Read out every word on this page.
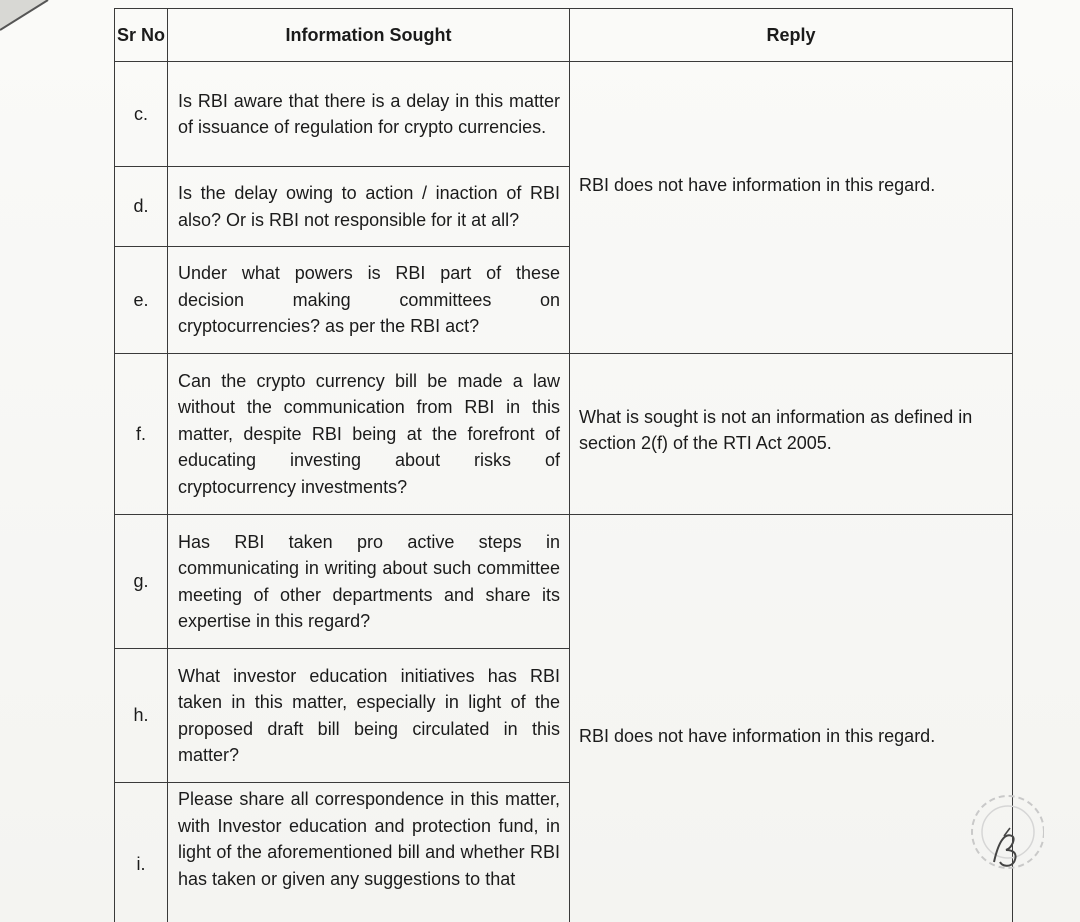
Sr No	Information Sought	Reply
c.	Is RBI aware that there is a delay in this matter of issuance of regulation for crypto currencies.	RBI does not have information in this regard.

d.	Is the delay owing to action / inaction of RBI also? Or is RBI not responsible for it at all?	
e.	Under what powers is RBI part of these decision making committees on cryptocurrencies? as per the RBI act?	
f.	Can the crypto currency bill be made a law without the communication from RBI in this matter, despite RBI being at the forefront of educating investing about risks of cryptocurrency investments?	What is sought is not an information as defined in section 2(f) of the RTI Act 2005.

g.	Has RBI taken pro active steps in communicating in writing about such committee meeting of other departments and share its expertise in this regard?	RBI does not have information in this regard.

h.	What investor education initiatives has RBI taken in this matter, especially in light of the proposed draft bill being circulated in this matter?	
i.	Please share all correspondence in this matter, with Investor education and protection fund, in light of the aforementioned bill and whether RBI has taken or given any suggestions to that	
